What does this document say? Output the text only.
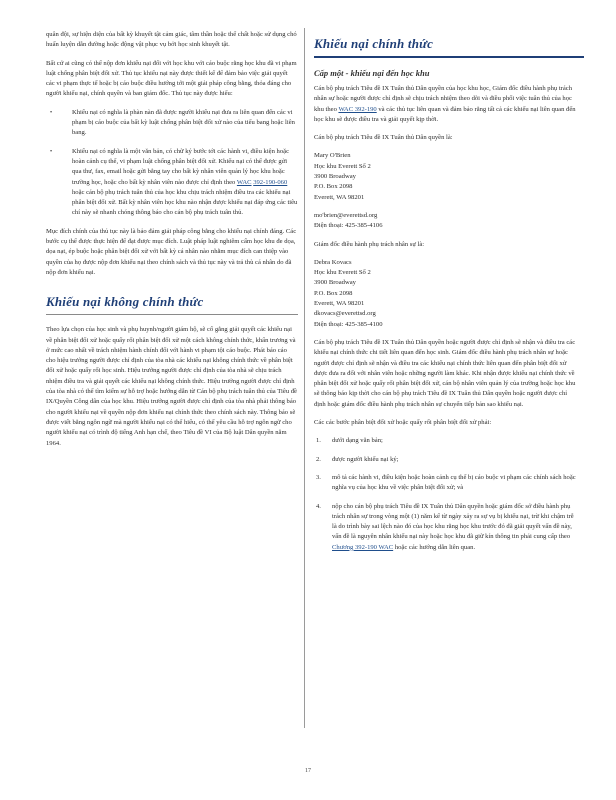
quân đội, sự hiện diện của bất kỳ khuyết tật cảm giác, tâm thần hoặc thể chất hoặc sử dụng chó huấn luyện dẫn đường hoặc động vật phục vụ bởi học sinh khuyết tật.

Bất cứ ai cũng có thể nộp đơn khiếu nại đối với học khu với cáo buộc rằng học khu đã vi phạm luật chống phân biệt đối xử. Thủ tục khiếu nại này được thiết kế để đảm bảo việc giải quyết các vi phạm thực tế hoặc bị cáo buộc điều hướng tới một giải pháp công bằng, thỏa đáng cho người khiếu nại, chính quyền và ban giám đốc. Thủ tục này được hiểu:

•	Khiếu nại có nghĩa là phàn nàn đã được người khiếu nại đưa ra liên quan đến các vi phạm bị cáo buộc của bất kỳ luật chống phân biệt đối xử nào của tiểu bang hoặc liên bang.
•	Khiếu nại có nghĩa là một văn bản, có chữ ký bước tới các hành vi, điều kiện hoặc hoàn cảnh cụ thể, vi phạm luật chống phân biệt đối xử. Khiếu nại có thể được gửi qua thư, fax, email hoặc gửi bằng tay cho bất kỳ nhân viên quản lý học khu hoặc trường học, hoặc cho bất kỳ nhân viên nào được chỉ định theo WAC 392-190-060 hoặc cán bộ phụ trách tuân thủ của học khu chịu trách nhiệm điều tra các khiếu nại phân biệt đối xử. Bất kỳ nhân viên học khu nào nhận được khiếu nại đáp ứng các tiêu chí này sẽ nhanh chóng thông báo cho cán bộ phụ trách tuân thủ.

Mục đích chính của thủ tục này là bảo đảm giải pháp công bằng cho khiếu nại chính đáng. Các bước cụ thể được thực hiện để đạt được mục đích. Luật pháp luật nghiêm cấm học khu đe dọa, dọa nạt, ép buộc hoặc phân biệt đối xử với bất kỳ cá nhân nào nhằm mục đích can thiệp vào quyền của họ được nộp đơn khiếu nại theo chính sách và thủ tục này và trả thù cá nhân do đã nộp đơn khiếu nại.

Khiếu nại không chính thức

Theo lựa chọn của học sinh và phụ huynh/người giám hộ, sẽ cố gắng giải quyết các khiếu nại về phân biệt đối xử hoặc quấy rối phân biệt đối xử một cách không chính thức, khẩn trương và ở mức cao nhất về trách nhiệm hành chính đối với hành vi phạm tội cáo buộc. Phát báo cáo cho hiệu trưởng người được chỉ định của tòa nhà các khiếu nại không chính thức về phân biệt đối xử hoặc quấy rối học sinh. Hiệu trưởng người được chỉ định của tòa nhà sẽ chịu trách nhiệm điều tra và giải quyết các khiếu nại không chính thức. Hiệu trưởng người được chỉ định của tòa nhà có thể tìm kiếm sự hỗ trợ hoặc hướng dẫn từ Cán bộ phụ trách tuân thủ của Tiêu đề IX/Quyền Công dân của học khu. Hiệu trưởng người được chỉ định của tòa nhà phải thông báo cho người khiếu nại về quyền nộp đơn khiếu nại chính thức theo chính sách này. Thông báo sẽ được viết bằng ngôn ngữ mà người khiếu nại có thể hiểu, có thể yêu cầu hỗ trợ ngôn ngữ cho người khiếu nại có trình độ tiếng Anh hạn chế, theo Tiêu đề VI của Bộ luật Dân quyền năm 1964.

Khiếu nại chính thức
Cấp một - khiếu nại đến học khu

Cán bộ phụ trách Tiêu đề IX Tuân thủ Dân quyền của học khu học, Giám đốc điều hành phụ trách nhân sự hoặc người được chỉ định sẽ chịu trách nhiệm theo dõi và điều phối việc tuân thủ của học khu theo WAC 392-190 và các thủ tục liên quan và đảm bảo rằng tất cả các khiếu nại liên quan đến học khu sẽ được điều tra và giải quyết kịp thời.

Cán bộ phụ trách Tiêu đề IX Tuân thủ Dân quyền là:

Mary O'Brien
Học khu Everett Số 2
3900 Broadway
P.O. Box 2098
Everett, WA 98201
mo'brien@everettsd.org
Điện thoại: 425-385-4106

Giám đốc điều hành phụ trách nhân sự là:

Debra Kovacs
Học khu Everett Số 2
3900 Broadway
P.O. Box 2098
Everett, WA 98201
dkovacs@everettsd.org
Điện thoại: 425-385-4100

Cán bộ phụ trách Tiêu đề IX Tuân thủ Dân quyền hoặc người được chỉ định sẽ nhận và điều tra các khiếu nại chính thức chi tiết liên quan đến học sinh. Giám đốc điều hành phụ trách nhân sự hoặc người được chỉ định sẽ nhận và điều tra các khiếu nại chính thức liên quan đến phân biệt đối xử được đưa ra đối với nhân viên hoặc những người làm khác. Khi nhận được khiếu nại chính thức về phân biệt đối xử hoặc quấy rối phân biệt đối xử, cán bộ nhân viên quản lý của trường hoặc học khu sẽ thông báo kịp thời cho cán bộ phụ trách Tiêu đề IX Tuân thủ Dân quyền hoặc người được chỉ định hoặc giám đốc điều hành phụ trách nhân sự chuyển tiếp bản sao khiếu nại.

Các các bước phân biệt đối xử hoặc quấy rối phân biệt đối xử phải:

1. dưới dạng văn bản;
2. được người khiếu nại ký;
3. mô tả các hành vi, điều kiện hoặc hoàn cảnh cụ thể bị cáo buộc vi phạm các chính sách hoặc nghĩa vụ của học khu về việc phân biệt đối xử; và
4. nộp cho cán bộ phụ trách Tiêu đề IX Tuân thủ Dân quyền hoặc giám đốc sở điều hành phụ trách nhân sự trong vòng một (1) năm kể từ ngày xảy ra sự vụ bị khiếu nại, trừ khi chậm trễ là do trình bày sai lệch nào đó của học khu rằng học khu trước đó đã giải quyết vấn đề này, vấn đề là nguyên nhân khiếu nại này hoặc học khu đã giữ kín thông tin phải cung cấp theo Chương 392-190 WAC hoặc các hướng dẫn liên quan.
17
